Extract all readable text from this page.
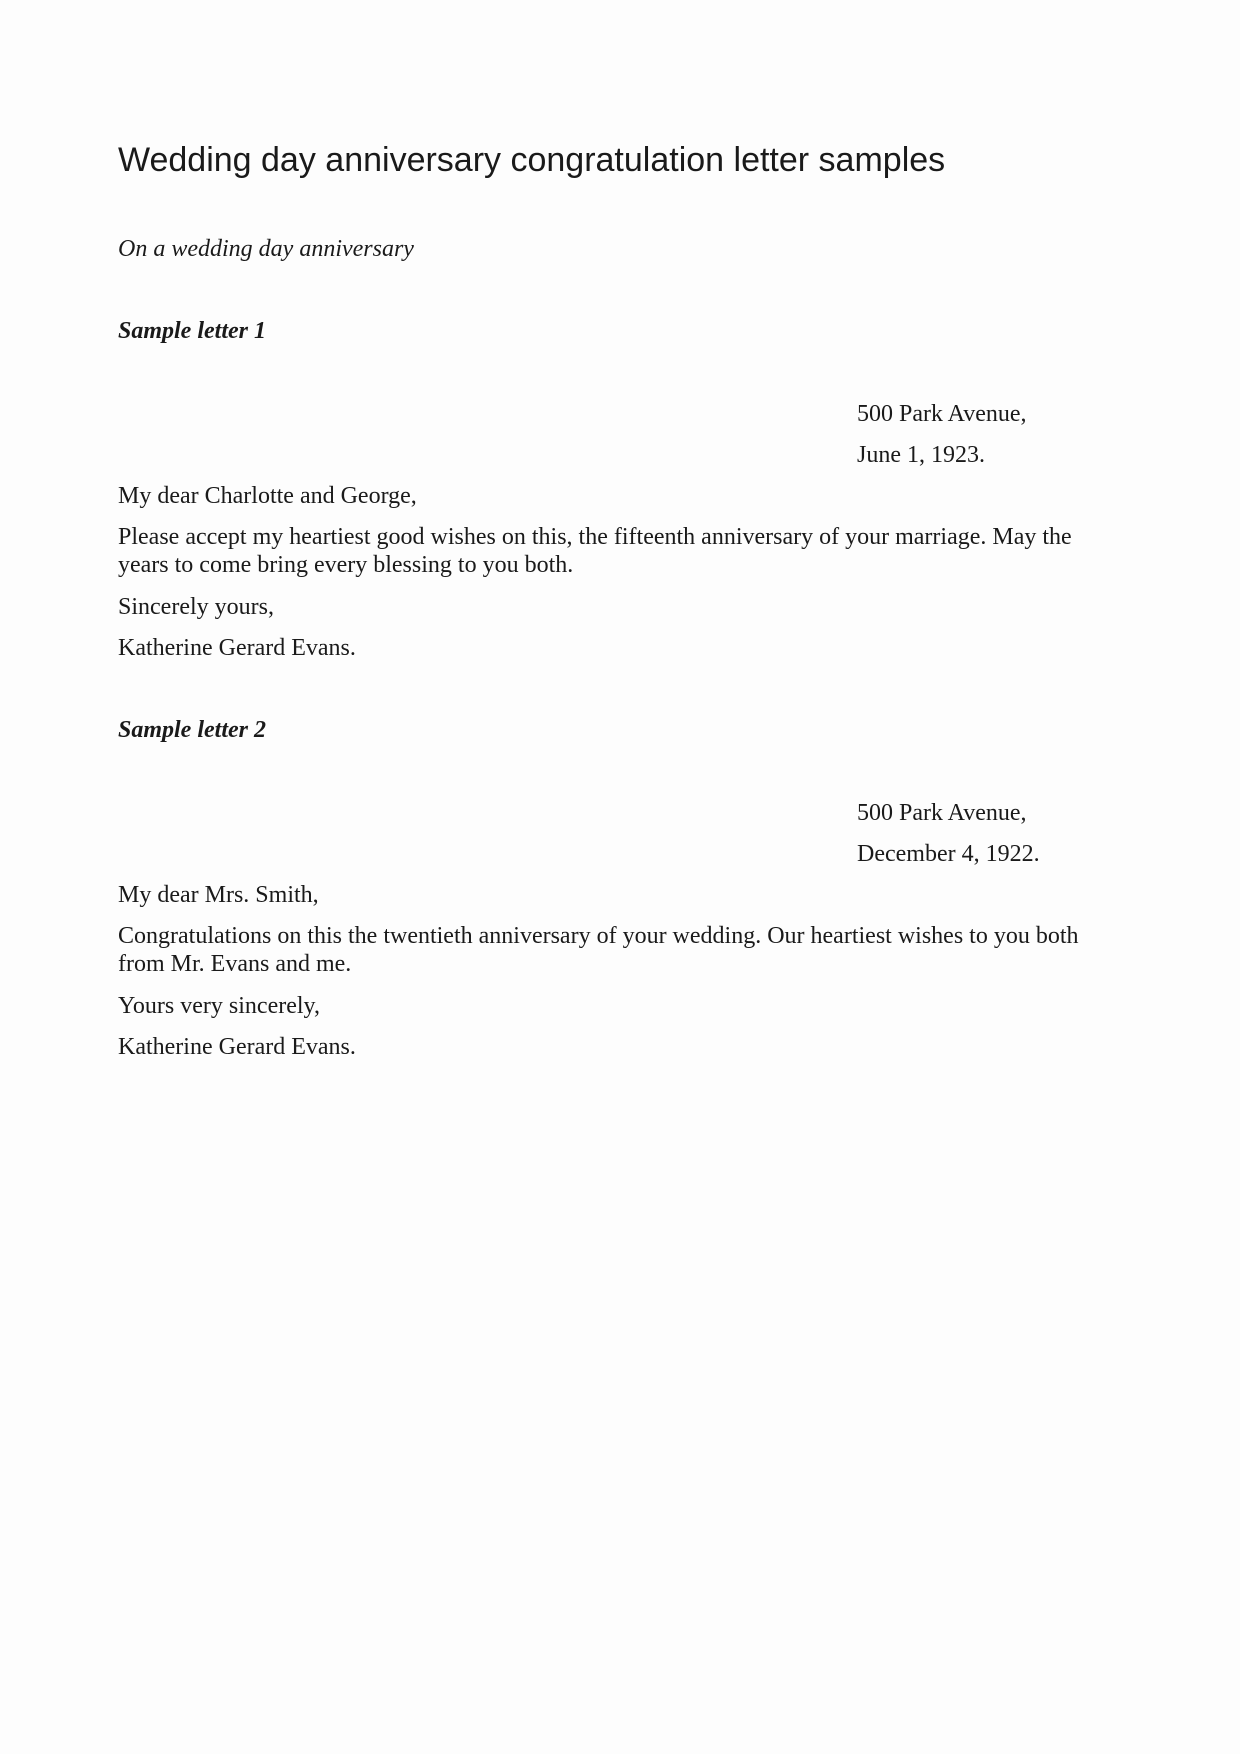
Wedding day anniversary congratulation letter samples

On a wedding day anniversary

Sample letter 1

500 Park Avenue,

June 1, 1923.

My dear Charlotte and George,

Please accept my heartiest good wishes on this, the fifteenth anniversary of your marriage. May the years to come bring every blessing to you both.

Sincerely yours,

Katherine Gerard Evans.

Sample letter 2

500 Park Avenue,

December 4, 1922.

My dear Mrs. Smith,

Congratulations on this the twentieth anniversary of your wedding. Our heartiest wishes to you both from Mr. Evans and me.

Yours very sincerely,

Katherine Gerard Evans.
